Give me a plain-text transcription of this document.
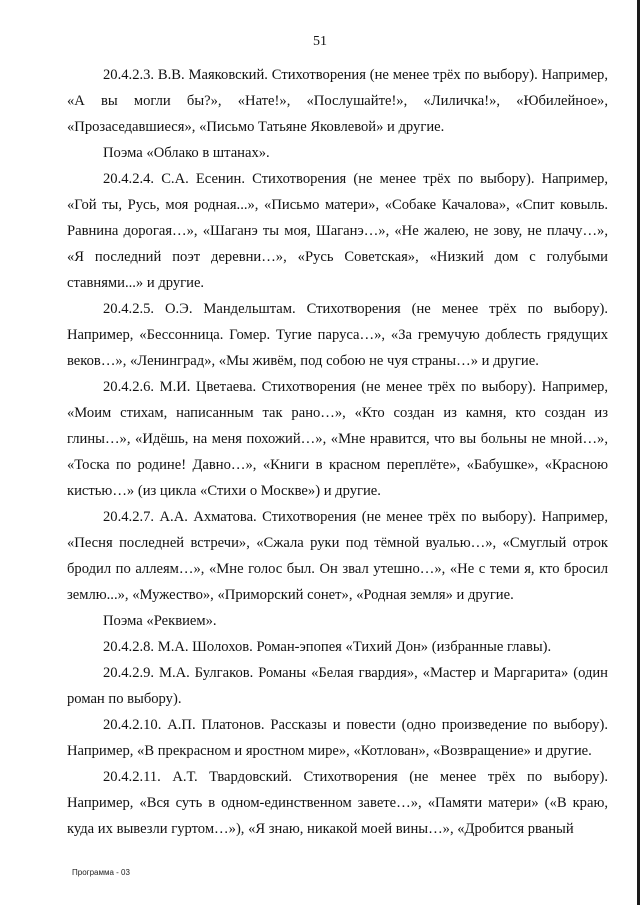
51

20.4.2.3. В.В. Маяковский. Стихотворения (не менее трёх по выбору). Например, «А вы могли бы?», «Нате!», «Послушайте!», «Лиличка!», «Юбилейное», «Прозаседавшиеся», «Письмо Татьяне Яковлевой» и другие.

Поэма «Облако в штанах».

20.4.2.4. С.А. Есенин. Стихотворения (не менее трёх по выбору). Например, «Гой ты, Русь, моя родная...», «Письмо матери», «Собаке Качалова», «Спит ковыль. Равнина дорогая…», «Шаганэ ты моя, Шаганэ…», «Не жалею, не зову, не плачу…», «Я последний поэт деревни…», «Русь Советская», «Низкий дом с голубыми ставнями...» и другие.

20.4.2.5. О.Э. Мандельштам. Стихотворения (не менее трёх по выбору). Например, «Бессонница. Гомер. Тугие паруса…», «За гремучую доблесть грядущих веков…», «Ленинград», «Мы живём, под собою не чуя страны…» и другие.

20.4.2.6. М.И. Цветаева. Стихотворения (не менее трёх по выбору). Например, «Моим стихам, написанным так рано…», «Кто создан из камня, кто создан из глины…», «Идёшь, на меня похожий…», «Мне нравится, что вы больны не мной…», «Тоска по родине! Давно…», «Книги в красном переплёте», «Бабушке», «Красною кистью…» (из цикла «Стихи о Москве») и другие.

20.4.2.7. А.А. Ахматова. Стихотворения (не менее трёх по выбору). Например, «Песня последней встречи», «Сжала руки под тёмной вуалью…», «Смуглый отрок бродил по аллеям…», «Мне голос был. Он звал утешно…», «Не с теми я, кто бросил землю...», «Мужество», «Приморский сонет», «Родная земля» и другие.

Поэма «Реквием».

20.4.2.8. М.А. Шолохов. Роман-эпопея «Тихий Дон» (избранные главы).

20.4.2.9. М.А. Булгаков. Романы «Белая гвардия», «Мастер и Маргарита» (один роман по выбору).

20.4.2.10. А.П. Платонов. Рассказы и повести (одно произведение по выбору). Например, «В прекрасном и яростном мире», «Котлован», «Возвращение» и другие.

20.4.2.11. А.Т. Твардовский. Стихотворения (не менее трёх по выбору). Например, «Вся суть в одном-единственном завете…», «Памяти матери» («В краю, куда их вывезли гуртом…»), «Я знаю, никакой моей вины…», «Дробится рваный

Программа - 03
